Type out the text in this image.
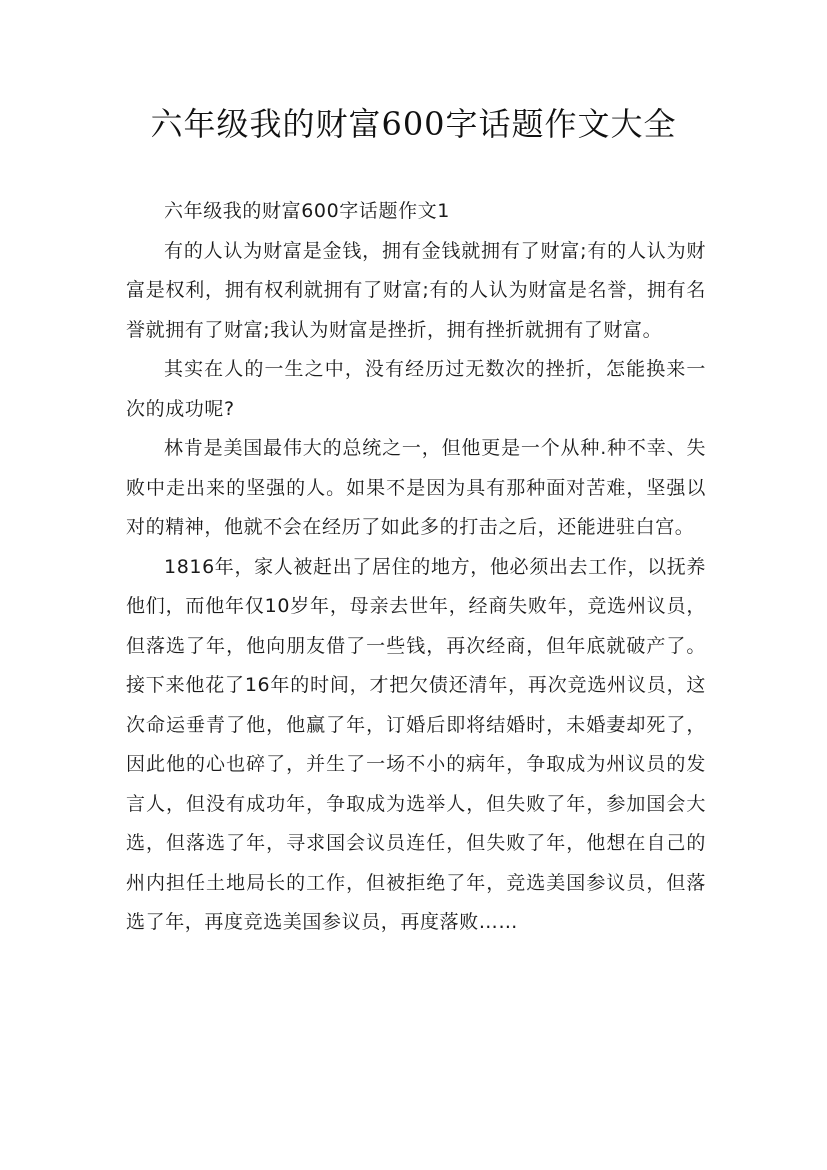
六年级我的财富600字话题作文大全

六年级我的财富600字话题作文1

有的人认为财富是金钱，拥有金钱就拥有了财富;有的人认为财富是权利，拥有权利就拥有了财富;有的人认为财富是名誉，拥有名誉就拥有了财富;我认为财富是挫折，拥有挫折就拥有了财富。

其实在人的一生之中，没有经历过无数次的挫折，怎能换来一次的成功呢?

林肯是美国最伟大的总统之一，但他更是一个从种.种不幸、失败中走出来的坚强的人。如果不是因为具有那种面对苦难，坚强以对的精神，他就不会在经历了如此多的打击之后，还能进驻白宫。

1816年，家人被赶出了居住的地方，他必须出去工作，以抚养他们，而他年仅10岁年，母亲去世年，经商失败年，竞选州议员，但落选了年，他向朋友借了一些钱，再次经商，但年底就破产了。接下来他花了16年的时间，才把欠债还清年，再次竞选州议员，这次命运垂青了他，他赢了年，订婚后即将结婚时，未婚妻却死了，因此他的心也碎了，并生了一场不小的病年，争取成为州议员的发言人，但没有成功年，争取成为选举人，但失败了年，参加国会大选，但落选了年，寻求国会议员连任，但失败了年，他想在自己的州内担任土地局长的工作，但被拒绝了年，竞选美国参议员，但落选了年，再度竞选美国参议员，再度落败……
